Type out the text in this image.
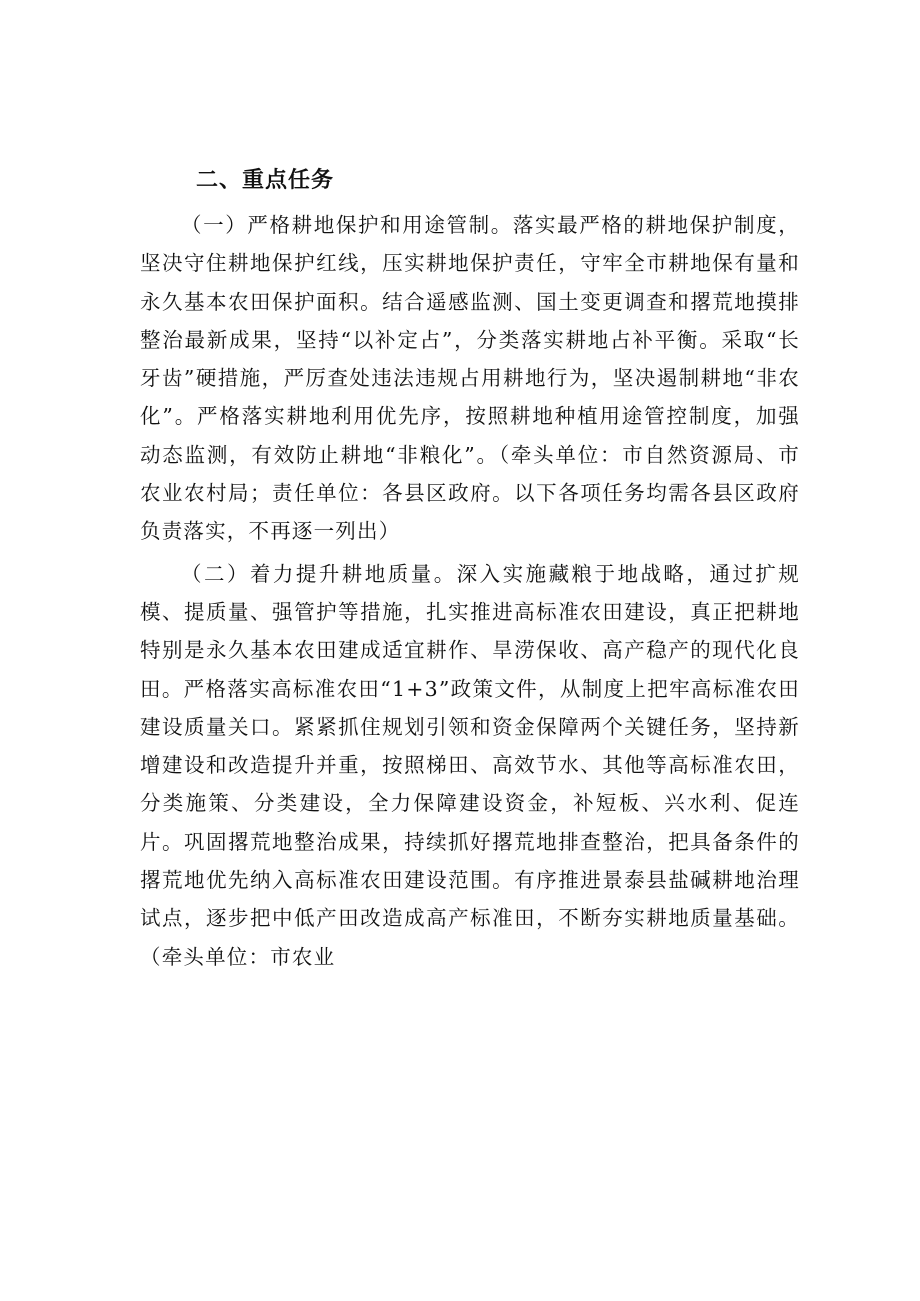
二、重点任务

（一）严格耕地保护和用途管制。落实最严格的耕地保护制度，坚决守住耕地保护红线，压实耕地保护责任，守牢全市耕地保有量和永久基本农田保护面积。结合遥感监测、国土变更调查和撂荒地摸排整治最新成果，坚持“以补定占”，分类落实耕地占补平衡。采取“长牙齿”硬措施，严厉查处违法违规占用耕地行为，坚决遏制耕地“非农化”。严格落实耕地利用优先序，按照耕地种植用途管控制度，加强动态监测，有效防止耕地“非粮化”。（牵头单位：市自然资源局、市农业农村局；责任单位：各县区政府。以下各项任务均需各县区政府负责落实，不再逐一列出）

（二）着力提升耕地质量。深入实施藏粮于地战略，通过扩规模、提质量、强管护等措施，扎实推进高标准农田建设，真正把耕地特别是永久基本农田建成适宜耕作、旱涝保收、高产稳产的现代化良田。严格落实高标准农田“1+3”政策文件，从制度上把牢高标准农田建设质量关口。紧紧抓住规划引领和资金保障两个关键任务，坚持新增建设和改造提升并重，按照梯田、高效节水、其他等高标准农田，分类施策、分类建设，全力保障建设资金，补短板、兴水利、促连片。巩固撂荒地整治成果，持续抓好撂荒地排查整治，把具备条件的撂荒地优先纳入高标准农田建设范围。有序推进景泰县盐碱耕地治理试点，逐步把中低产田改造成高产标准田，不断夯实耕地质量基础。（牵头单位：市农业
